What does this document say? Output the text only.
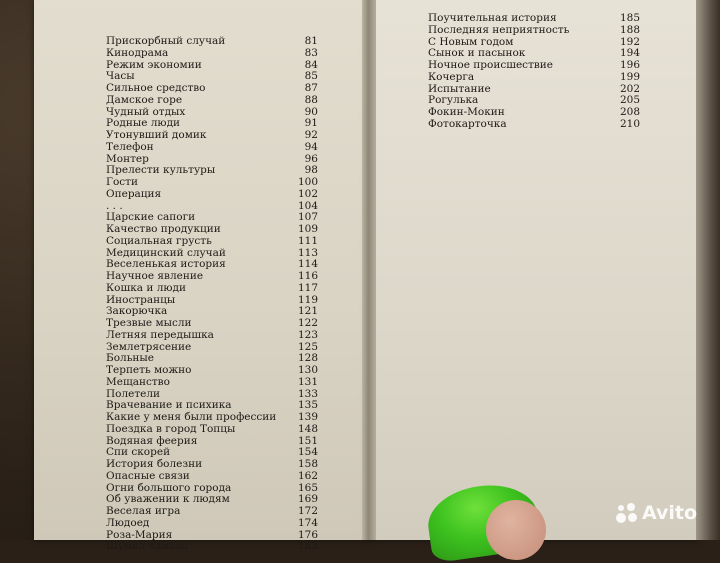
Прискорбный случай	81
Кинодрама	83
Режим экономии	84
Часы	85
Сильное средство	87
Дамское горе	88
Чудный отдых	90
Родные люди	91
Утонувший домик	92
Телефон	94
Монтер	96
Прелести культуры	98
Гости	100
Операция	102
. . .	104
Царские сапоги	107
Качество продукции	109
Социальная грусть	111
Медицинский случай	113
Веселенькая история	114
Научное явление	116
Кошка и люди	117
Иностранцы	119
Закорючка	121
Трезвые мысли	122
Летняя передышка	123
Землетрясение	125
Больные	128
Терпеть можно	130
Мещанство	131
Полетели	133
Врачевание и психика	135
Какие у меня были профессии	139
Поездка в город Топцы	148
Водяная феерия	151
Спи скорей	154
История болезни	158
Опасные связи	162
Огни большого города	165
Об уважении к людям	169
Веселая игра	172
Людоед	174
Роза-Мария	176
Шумел камыш	183
Поучительная история	185
Последняя неприятность	188
С Новым годом	192
Сынок и пасынок	194
Ночное происшествие	196
Кочерга	199
Испытание	202
Рогулька	205
Фокин-Мокин	208
Фотокарточка	210
Avito
